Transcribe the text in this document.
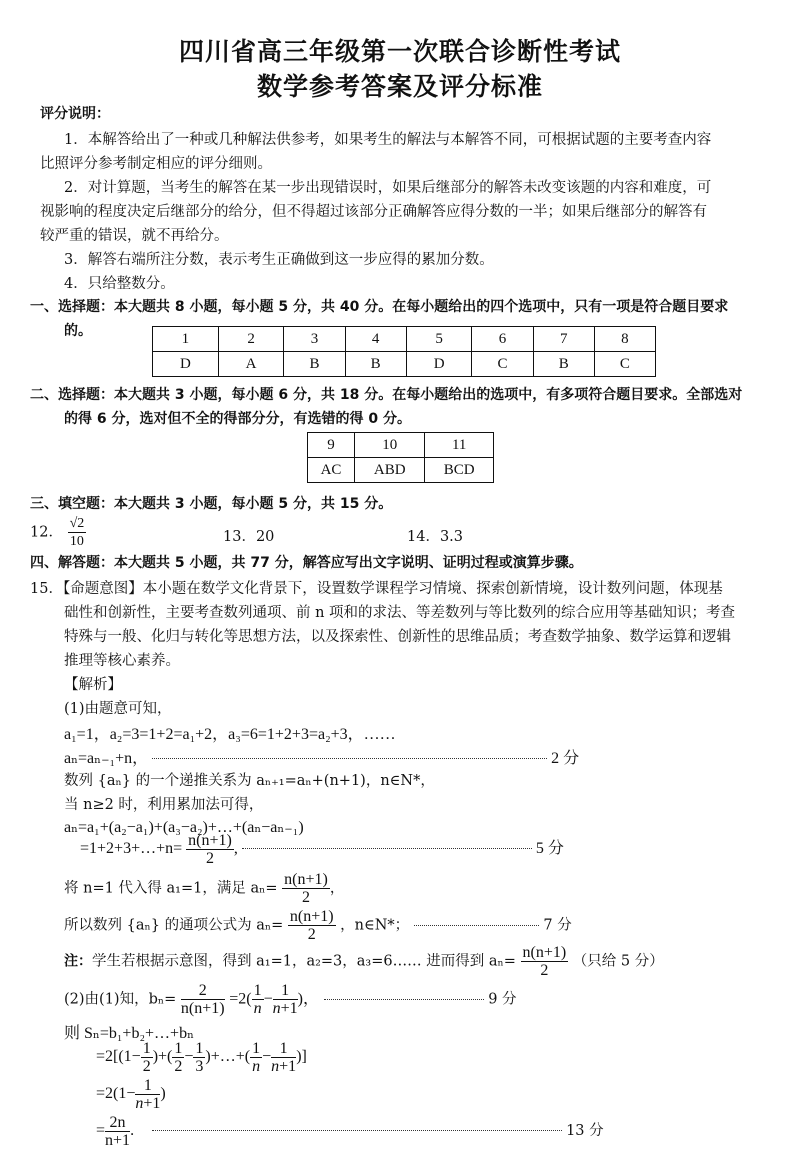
四川省高三年级第一次联合诊断性考试
数学参考答案及评分标准
评分说明：
1．本解答给出了一种或几种解法供参考，如果考生的解法与本解答不同，可根据试题的主要考查内容
比照评分参考制定相应的评分细则。
2．对计算题，当考生的解答在某一步出现错误时，如果后继部分的解答未改变该题的内容和难度，可
视影响的程度决定后继部分的给分，但不得超过该部分正确解答应得分数的一半；如果后继部分的解答有
较严重的错误，就不再给分。
3．解答右端所注分数，表示考生正确做到这一步应得的累加分数。
4．只给整数分。
一、选择题：本大题共 8 小题，每小题 5 分，共 40 分。在每小题给出的四个选项中，只有一项是符合题目要求
的。	1	2	3	4	5	6	7	8
D	A	B	B	D	C	B	C
二、选择题：本大题共 3 小题，每小题 6 分，共 18 分。在每小题给出的选项中，有多项符合题目要求。全部选对
的得 6 分，选对但不全的得部分分，有选错的得 0 分。
9	10	11
AC	ABD	BCD
三、填空题：本大题共 3 小题，每小题 5 分，共 15 分。
12． $\frac{√2}{10}$	13．20	14．3.3
四、解答题：本大题共 5 小题，共 77 分，解答应写出文字说明、证明过程或演算步骤。
15．【命题意图】本小题在数学文化背景下，设置数学课程学习情境、探索创新情境，设计数列问题，体现基
础性和创新性，主要考查数列通项、前 n 项和的求法、等差数列与等比数列的综合应用等基础知识；考查
特殊与一般、化归与转化等思想方法，以及探索性、创新性的思维品质；考查数学抽象、数学运算和逻辑
推理等核心素养。
【解析】
(1)由题意可知，
a₁=1，a₂=3=1+2=a₁+2，a₃=6=1+2+3=a₂+3，……
aₙ=aₙ₋₁+n，	2 分
数列 {aₙ} 的一个递推关系为 aₙ₊₁=aₙ+(n+1)，n∈N*，
当 n≥2 时，利用累加法可得，
aₙ=a₁+(a₂−a₁)+(a₃−a₂)+…+(aₙ−aₙ₋₁)
=1+2+3+…+n= $\frac{n(n+1)}{2}$ ,	5 分
将 n=1 代入得 a₁=1，满足 $a_n= \frac{n(n+1)}{2}$ ，
所以数列 {aₙ} 的通项公式为 $a_n= \frac{n(n+1)}{2}$ ，n∈N*；	7 分
注：学生若根据示意图，得到 a₁=1，a₂=3，a₃=6…… 进而得到 $a_n= \frac{n(n+1)}{2}$ （只给 5 分）
(2)由(1)知，$b_n= \frac{2}{n(n+1)} =2( \frac{1}{n} - \frac{1}{n+1}$ )，	9 分
则 Sₙ=b₁+b₂+…+bₙ
$=2[(1- \frac{1}{2}$ )+( $\frac{1}{2} - \frac{1}{3}$ )+…+( $\frac{1}{n} - \frac{1}{n+1}$ )]
$=2(1- \frac{1}{n+1}$ )
= $\frac{2n}{n+1}$ .	13 分
